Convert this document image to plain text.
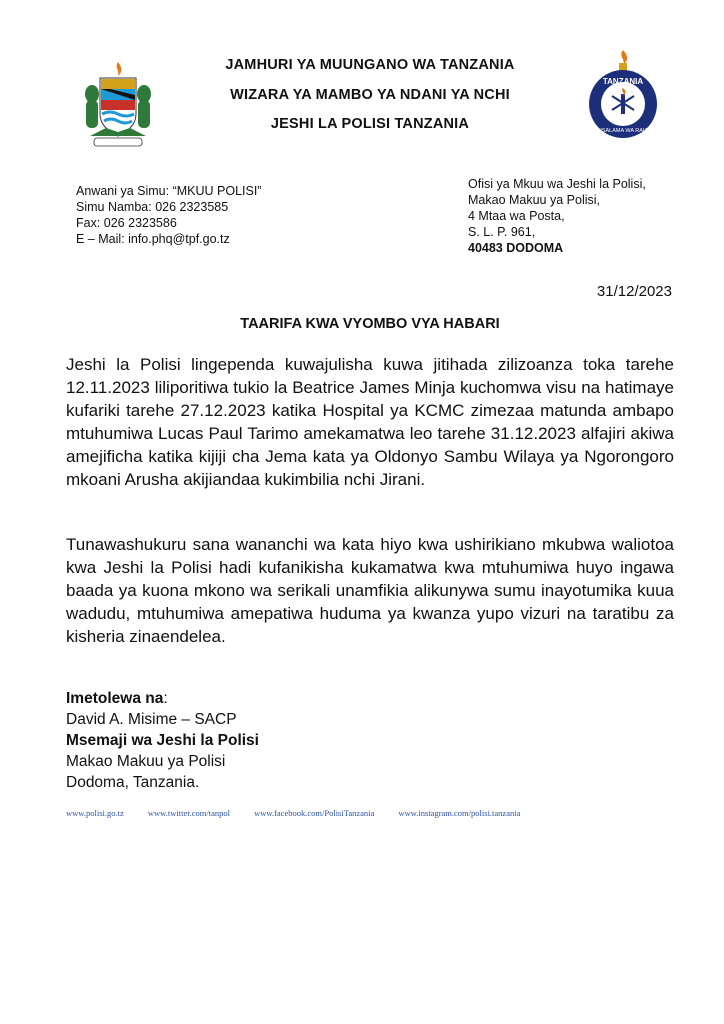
TANZANIA
USALAMA WA RAIA
JAMHURI YA MUUNGANO WA TANZANIA
WIZARA YA MAMBO YA NDANI YA NCHI
JESHI LA POLISI TANZANIA
Anwani ya Simu: “MKUU POLISI”
Simu Namba: 026 2323585
Fax: 026 2323586
E – Mail: info.phq@tpf.go.tz
Ofisi ya Mkuu wa Jeshi la Polisi,
Makao Makuu ya Polisi,
4 Mtaa wa Posta,
S. L. P. 961,
40483 DODOMA
31/12/2023
TAARIFA KWA VYOMBO VYA HABARI
Jeshi la Polisi lingependa kuwajulisha kuwa jitihada zilizoanza toka tarehe 12.11.2023 liliporitiwa tukio la Beatrice James Minja kuchomwa visu na hatimaye kufariki tarehe 27.12.2023 katika Hospital ya KCMC zimezaa matunda ambapo mtuhumiwa Lucas Paul Tarimo amekamatwa leo tarehe 31.12.2023 alfajiri akiwa amejificha katika kijiji cha Jema kata ya Oldonyo Sambu Wilaya ya Ngorongoro mkoani Arusha akijiandaa kukimbilia nchi Jirani.
Tunawashukuru sana wananchi wa kata hiyo kwa ushirikiano mkubwa waliotoa kwa Jeshi la Polisi hadi kufanikisha kukamatwa kwa mtuhumiwa huyo ingawa baada ya kuona mkono wa serikali unamfikia alikunywa sumu inayotumika kuua wadudu, mtuhumiwa amepatiwa huduma ya kwanza yupo vizuri na taratibu za kisheria zinaendelea.
Imetolewa na:
David A. Misime – SACP
Msemaji wa Jeshi la Polisi
Makao Makuu ya Polisi
Dodoma, Tanzania.
www.polisi.go.tz	www.twitter.com/tanpol	www.facebook.com/PolisiTanzania	www.instagram.com/polisi.tanzania
